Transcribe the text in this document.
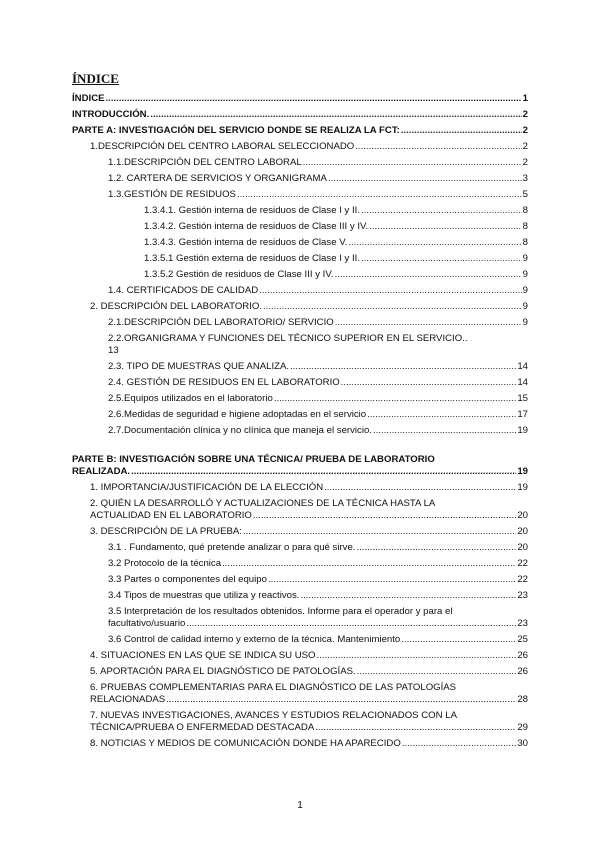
ÍNDICE
ÍNDICE .....	1
INTRODUCCIÓN. .....	2
PARTE A: INVESTIGACIÓN DEL SERVICIO DONDE SE REALIZA LA FCT: .....	2
1.DESCRIPCIÓN DEL CENTRO LABORAL SELECCIONADO .....	2
1.1.DESCRIPCIÓN DEL CENTRO LABORAL .....	2
1.2. CARTERA DE SERVICIOS Y ORGANIGRAMA .....	3
1.3.GESTIÓN DE RESIDUOS .....	5
1.3.4.1. Gestión interna de residuos de Clase I y II. .....	8
1.3.4.2. Gestión interna de residuos de Clase III y IV. .....	8
1.3.4.3. Gestión interna de residuos de Clase V. .....	8
1.3.5.1 Gestión externa de residuos de Clase I y II. .....	9
1.3.5.2 Gestión de residuos de Clase III y IV. .....	9
1.4. CERTIFICADOS DE CALIDAD .....	9
2. DESCRIPCIÓN DEL LABORATORIO. .....	9
2.1.DESCRIPCIÓN DEL LABORATORIO/ SERVICIO .....	9
2.2.ORGANIGRAMA Y FUNCIONES DEL TÉCNICO SUPERIOR EN EL SERVICIO..
13
2.3. TIPO DE MUESTRAS QUE ANALIZA. .....	14
2.4. GESTIÓN DE RESIDUOS EN EL LABORATORIO .....	14
2.5.Equipos utilizados en el laboratorio .....	15
2.6.Medidas de seguridad e higiene adoptadas en el servicio .....	17
2.7.Documentación clínica y no clínica que maneja el servicio. .....	19
PARTE B: INVESTIGACIÓN SOBRE UNA TÉCNICA/ PRUEBA DE LABORATORIO
REALIZADA. .....	19
1. IMPORTANCIA/JUSTIFICACIÓN DE LA ELECCIÓN .....	19
2. QUIÉN LA DESARROLLÓ Y ACTUALIZACIONES DE LA TÉCNICA HASTA LA
ACTUALIDAD EN EL LABORATORIO .....	20
3. DESCRIPCIÓN DE LA PRUEBA: .....	20
3.1 . Fundamento, qué pretende analizar o para qué sirve. .....	20
3.2 Protocolo de la técnica .....	22
3.3 Partes o componentes del equipo .....	22
3.4 Tipos de muestras que utiliza y reactivos. .....	23
3.5 Interpretación de los resultados obtenidos. Informe para el operador y para el
facultativo/usuario .....	23
3.6 Control de calidad interno y externo de la técnica. Mantenimiento .....	25
4. SITUACIONES EN LAS QUE SE INDICA SU USO .....	26
5. APORTACIÓN PARA EL DIAGNÓSTICO DE PATOLOGÍAS. .....	26
6. PRUEBAS COMPLEMENTARIAS PARA EL DIAGNÓSTICO DE LAS PATOLOGÍAS
RELACIONADAS .....	28
7. NUEVAS INVESTIGACIONES, AVANCES Y ESTUDIOS RELACIONADOS CON LA
TÉCNICA/PRUEBA O ENFERMEDAD DESTACADA .....	29
8. NOTICIAS Y MEDIOS DE COMUNICACIÓN DONDE HA APARECIDO .....	30
1
